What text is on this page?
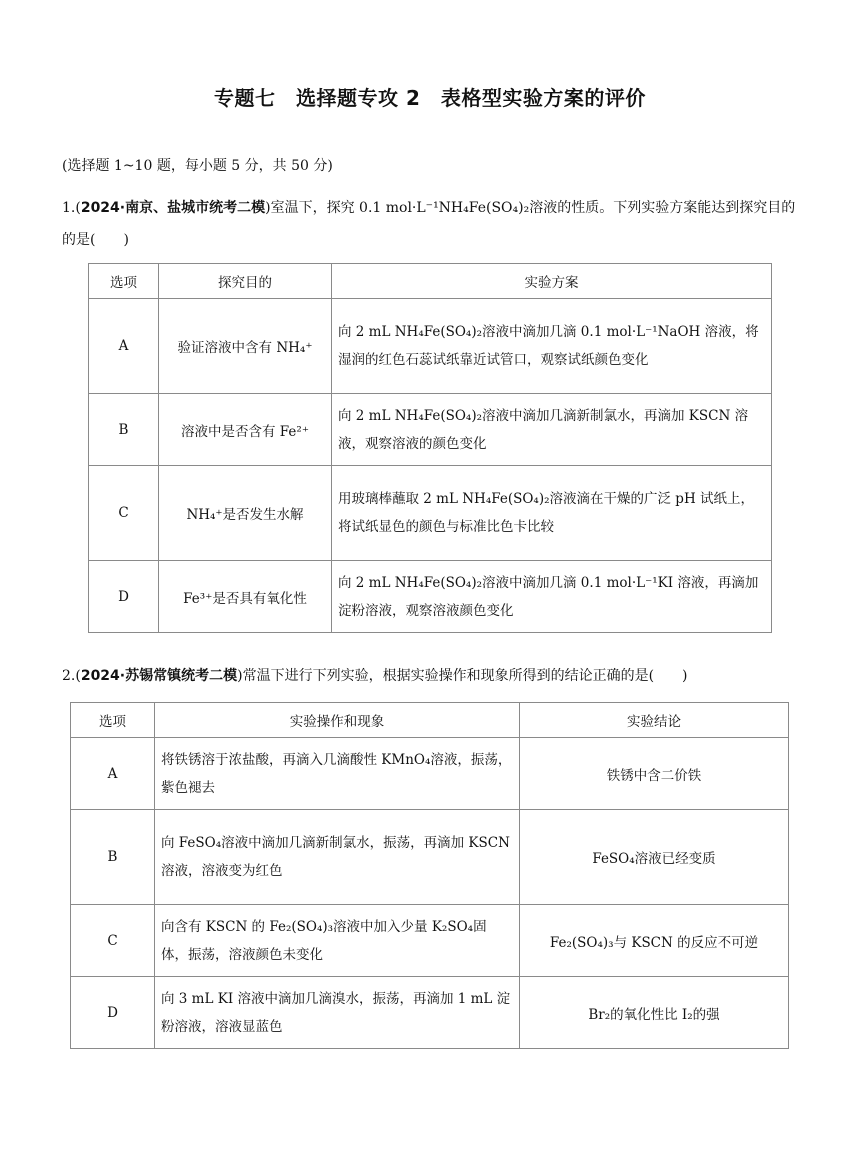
专题七　选择题专攻 2　表格型实验方案的评价
(选择题 1~10 题，每小题 5 分，共 50 分)
1.(2024·南京、盐城市统考二模)室温下，探究 0.1 mol·L⁻¹NH₄Fe(SO₄)₂溶液的性质。下列实验方案能达到探究目的的是(　　)
选项	探究目的	实验方案
A	验证溶液中含有 NH₄⁺	向 2 mL NH₄Fe(SO₄)₂溶液中滴加几滴 0.1 mol·L⁻¹NaOH 溶液，将湿润的红色石蕊试纸靠近试管口，观察试纸颜色变化
B	溶液中是否含有 Fe²⁺	向 2 mL NH₄Fe(SO₄)₂溶液中滴加几滴新制氯水，再滴加 KSCN 溶液，观察溶液的颜色变化
C	NH₄⁺是否发生水解	用玻璃棒蘸取 2 mL NH₄Fe(SO₄)₂溶液滴在干燥的广泛 pH 试纸上，将试纸显色的颜色与标准比色卡比较
D	Fe³⁺是否具有氧化性	向 2 mL NH₄Fe(SO₄)₂溶液中滴加几滴 0.1 mol·L⁻¹KI 溶液，再滴加淀粉溶液，观察溶液颜色变化
2.(2024·苏锡常镇统考二模)常温下进行下列实验，根据实验操作和现象所得到的结论正确的是(　　)
选项	实验操作和现象	实验结论
A	将铁锈溶于浓盐酸，再滴入几滴酸性 KMnO₄溶液，振荡，紫色褪去	铁锈中含二价铁
B	向 FeSO₄溶液中滴加几滴新制氯水，振荡，再滴加 KSCN 溶液，溶液变为红色	FeSO₄溶液已经变质
C	向含有 KSCN 的 Fe₂(SO₄)₃溶液中加入少量 K₂SO₄固体，振荡，溶液颜色未变化	Fe₂(SO₄)₃与 KSCN 的反应不可逆
D	向 3 mL KI 溶液中滴加几滴溴水，振荡，再滴加 1 mL 淀粉溶液，溶液显蓝色	Br₂的氧化性比 I₂的强
